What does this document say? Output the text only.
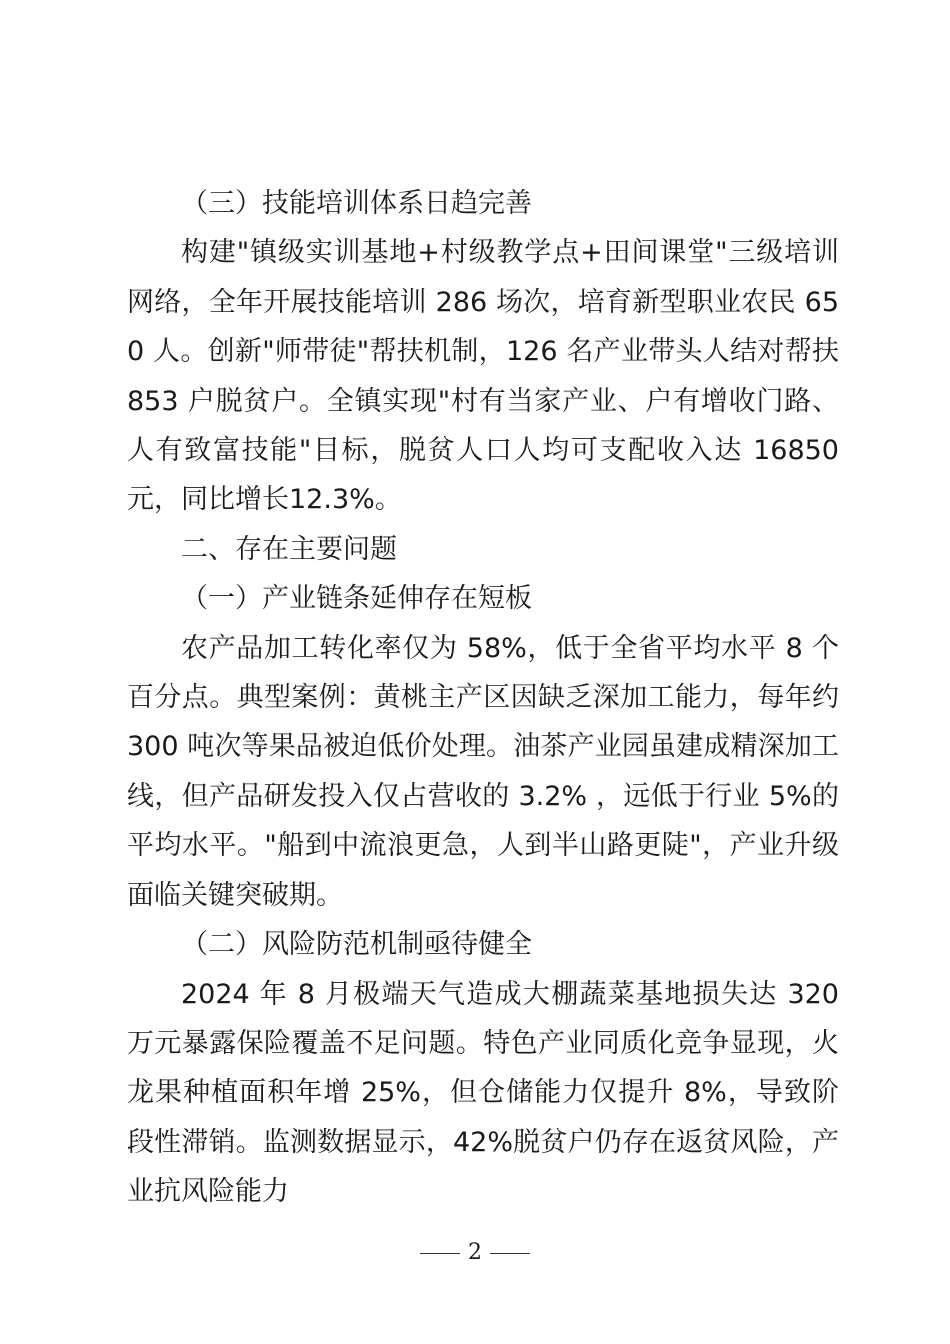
（三）技能培训体系日趋完善

构建"镇级实训基地+村级教学点+田间课堂"三级培训网络，全年开展技能培训 286 场次，培育新型职业农民 650 人。创新"师带徒"帮扶机制，126 名产业带头人结对帮扶 853 户脱贫户。全镇实现"村有当家产业、户有增收门路、人有致富技能"目标，脱贫人口人均可支配收入达 16850 元，同比增长12.3%。

二、存在主要问题

（一）产业链条延伸存在短板

农产品加工转化率仅为 58%，低于全省平均水平 8 个百分点。典型案例：黄桃主产区因缺乏深加工能力，每年约 300 吨次等果品被迫低价处理。油茶产业园虽建成精深加工线，但产品研发投入仅占营收的 3.2% ，远低于行业 5%的平均水平。"船到中流浪更急，人到半山路更陡"，产业升级面临关键突破期。

（二）风险防范机制亟待健全

2024 年 8 月极端天气造成大棚蔬菜基地损失达 320 万元暴露保险覆盖不足问题。特色产业同质化竞争显现，火龙果种植面积年增 25%，但仓储能力仅提升 8%，导致阶段性滞销。监测数据显示，42%脱贫户仍存在返贫风险，产业抗风险能力

2
